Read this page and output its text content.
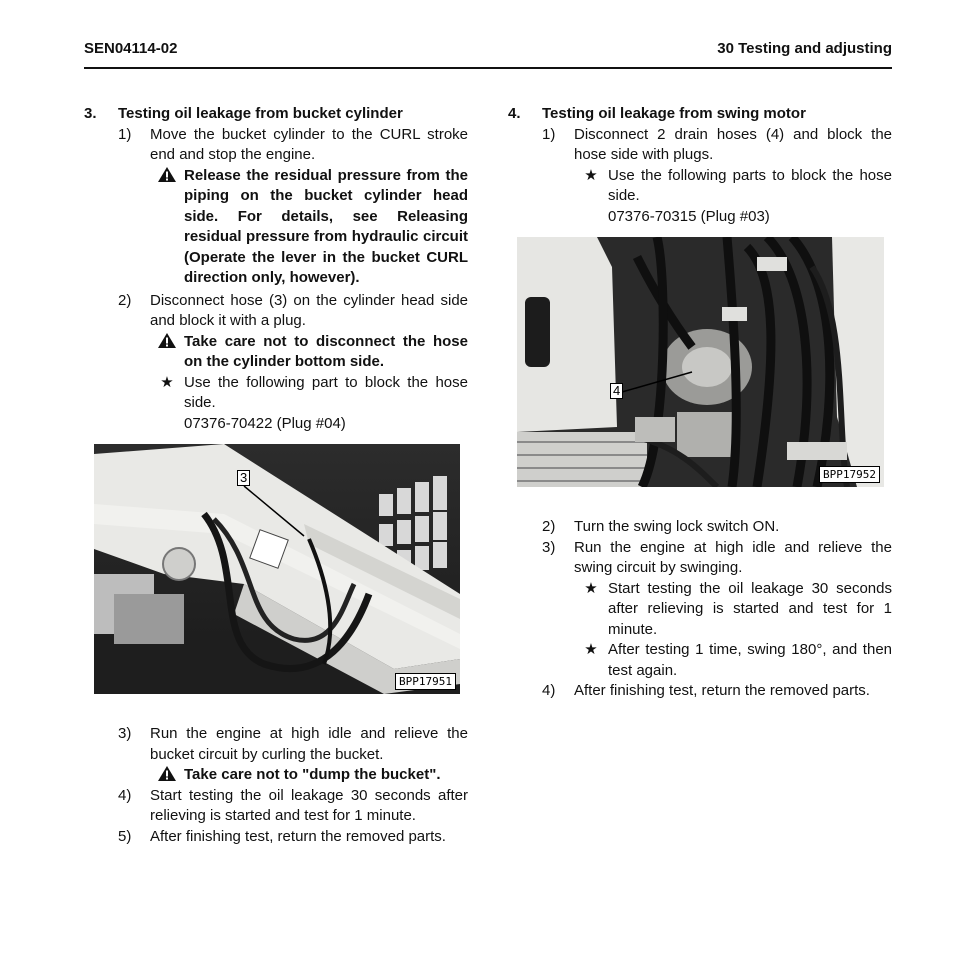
SEN04114-02	30 Testing and adjusting
3. Testing oil leakage from bucket cylinder
1) Move the bucket cylinder to the CURL stroke end and stop the engine.
Release the residual pressure from the piping on the bucket cylinder head side. For details, see Releasing residual pressure from hydraulic circuit (Operate the lever in the bucket CURL direction only, however).
2) Disconnect hose (3) on the cylinder head side and block it with a plug.
Take care not to disconnect the hose on the cylinder bottom side.
★ Use the following part to block the hose side.
07376-70422 (Plug #04)
3
BPP17951
3) Run the engine at high idle and relieve the bucket circuit by curling the bucket.
Take care not to "dump the bucket".
4) Start testing the oil leakage 30 seconds after relieving is started and test for 1 minute.
5) After finishing test, return the removed parts.
4. Testing oil leakage from swing motor
1) Disconnect 2 drain hoses (4) and block the hose side with plugs.
★ Use the following parts to block the hose side.
07376-70315 (Plug #03)
4
BPP17952
2) Turn the swing lock switch ON.
3) Run the engine at high idle and relieve the swing circuit by swinging.
★ Start testing the oil leakage 30 seconds after relieving is started and test for 1 minute.
★ After testing 1 time, swing 180°, and then test again.
4) After finishing test, return the removed parts.
